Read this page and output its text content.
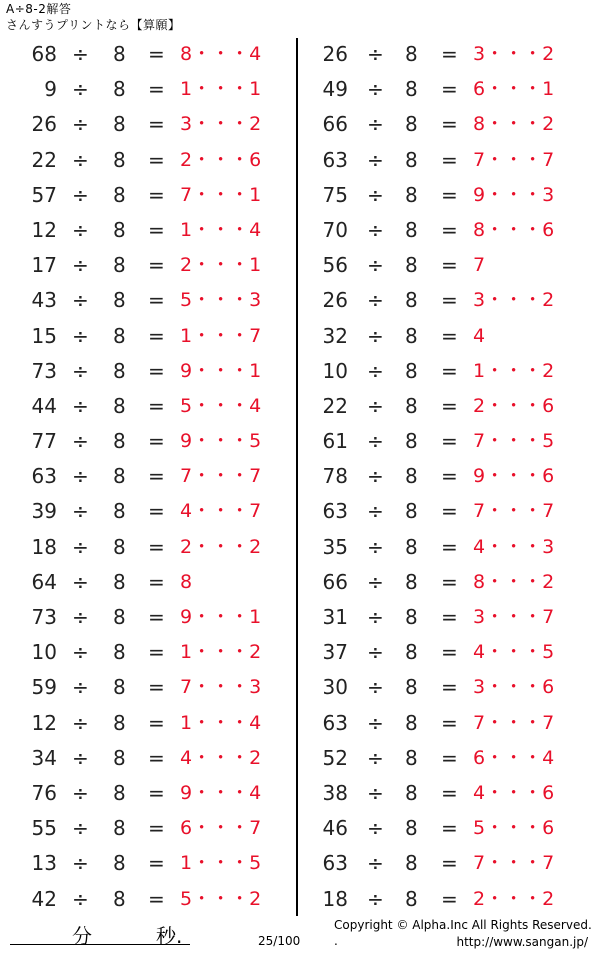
A÷8-2解答
さんすうプリントなら【算願】
68 ÷ 8 = 8・・・4
9 ÷ 8 = 1・・・1
26 ÷ 8 = 3・・・2
22 ÷ 8 = 2・・・6
57 ÷ 8 = 7・・・1
12 ÷ 8 = 1・・・4
17 ÷ 8 = 2・・・1
43 ÷ 8 = 5・・・3
15 ÷ 8 = 1・・・7
73 ÷ 8 = 9・・・1
44 ÷ 8 = 5・・・4
77 ÷ 8 = 9・・・5
63 ÷ 8 = 7・・・7
39 ÷ 8 = 4・・・7
18 ÷ 8 = 2・・・2
64 ÷ 8 = 8
73 ÷ 8 = 9・・・1
10 ÷ 8 = 1・・・2
59 ÷ 8 = 7・・・3
12 ÷ 8 = 1・・・4
34 ÷ 8 = 4・・・2
76 ÷ 8 = 9・・・4
55 ÷ 8 = 6・・・7
13 ÷ 8 = 1・・・5
42 ÷ 8 = 5・・・2
26 ÷ 8 = 3・・・2
49 ÷ 8 = 6・・・1
66 ÷ 8 = 8・・・2
63 ÷ 8 = 7・・・7
75 ÷ 8 = 9・・・3
70 ÷ 8 = 8・・・6
56 ÷ 8 = 7
26 ÷ 8 = 3・・・2
32 ÷ 8 = 4
10 ÷ 8 = 1・・・2
22 ÷ 8 = 2・・・6
61 ÷ 8 = 7・・・5
78 ÷ 8 = 9・・・6
63 ÷ 8 = 7・・・7
35 ÷ 8 = 4・・・3
66 ÷ 8 = 8・・・2
31 ÷ 8 = 3・・・7
37 ÷ 8 = 4・・・5
30 ÷ 8 = 3・・・6
63 ÷ 8 = 7・・・7
52 ÷ 8 = 6・・・4
38 ÷ 8 = 4・・・6
46 ÷ 8 = 5・・・6
63 ÷ 8 = 7・・・7
18 ÷ 8 = 2・・・2
分	秒.	25/100
Copyright © Alpha.Inc All Rights Reserved.
.	http://www.sangan.jp/
